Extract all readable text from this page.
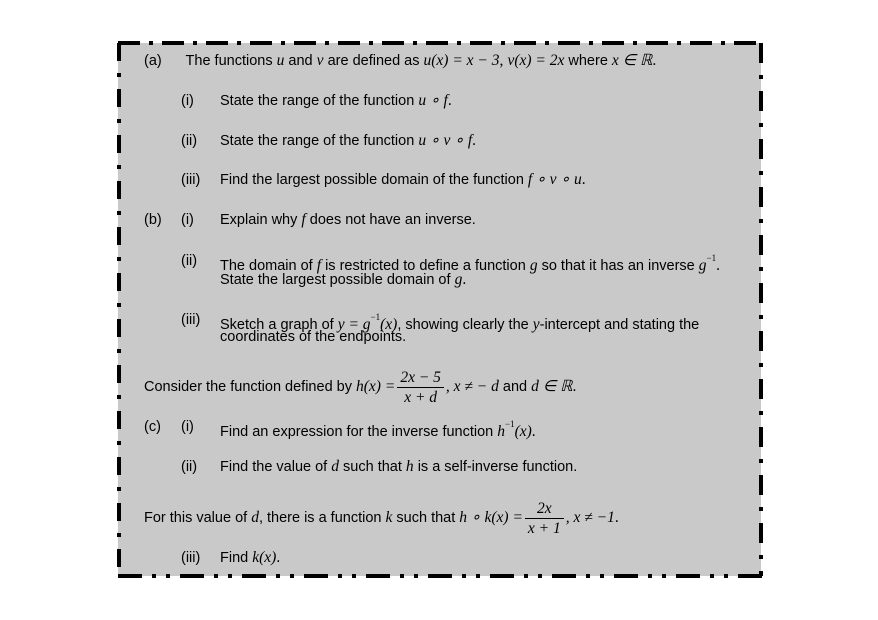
(a) The functions u and v are defined as u(x) = x − 3, v(x) = 2x where x ∈ ℝ.
(i) State the range of the function u ∘ f.
(ii) State the range of the function u ∘ v ∘ f.
(iii) Find the largest possible domain of the function f ∘ v ∘ u.
(b) (i) Explain why f does not have an inverse.
(ii) The domain of f is restricted to define a function g so that it has an inverse $g^{-1}$.
State the largest possible domain of g.
(iii) Sketch a graph of $y = g^{-1}(x)$, showing clearly the y-intercept and stating the
coordinates of the endpoints.
Consider the function defined by $h(x) = \frac{2x - 5}{x + d}$ , x ≠ − d and d ∈ ℝ.
(c) (i) Find an expression for the inverse function $h^{-1}(x)$.
(ii) Find the value of d such that h is a self-inverse function.
For this value of d, there is a function k such that h ∘ $k(x) = \frac{2x}{x + 1}$ , x ≠ −1.
(iii) Find k(x).
